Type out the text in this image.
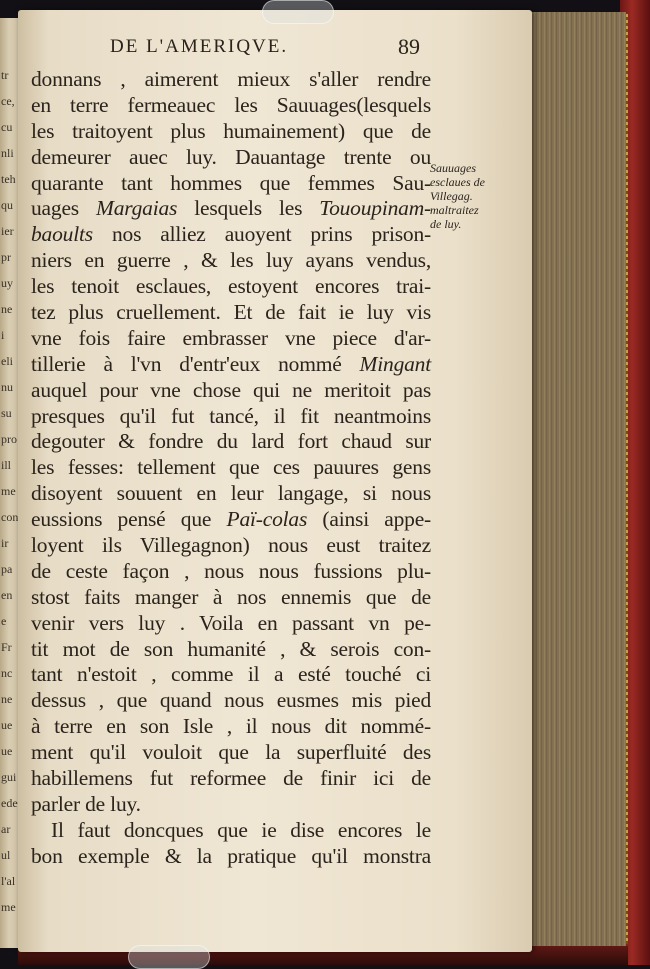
tr
ce,
cu
nli
teh
qu
ier
pr
uy
ne
i
eli
nu
su
pro
ill
me
con
ir
pa
en
e
Fr
nc
ne
ue
ue
gui
ede
ar
ul
l'al
me
DE L'AMERIQVE.	89
donnans , aimerent mieux s'aller rendre
en terre fermeauec les Sauuages(lesquels
les traitoyent plus humainement) que de
demeurer auec luy. Dauantage trente ou
quarante tant hommes que femmes Sau-
uages Margaias lesquels les Tououpinam-
baoults nos alliez auoyent prins prison-
niers en guerre , & les luy ayans vendus,
les tenoit esclaues, estoyent encores trai-
tez plus cruellement. Et de fait ie luy vis
vne fois faire embrasser vne piece d'ar-
tillerie à l'vn d'entr'eux nommé Mingant
auquel pour vne chose qui ne meritoit pas
presques qu'il fut tancé, il fit neantmoins
degouter & fondre du lard fort chaud sur
les fesses: tellement que ces pauures gens
disoyent souuent en leur langage, si nous
eussions pensé que Paï-colas (ainsi appe-
loyent ils Villegagnon) nous eust traitez
de ceste façon , nous nous fussions plu-
stost faits manger à nos ennemis que de
venir vers luy . Voila en passant vn pe-
tit mot de son humanité , & serois con-
tant n'estoit , comme il a esté touché ci
dessus , que quand nous eusmes mis pied
à terre en son Isle , il nous dit nommé-
ment qu'il vouloit que la superfluité des
habillemens fut reformee de finir ici de
parler de luy.
Il faut doncques que ie dise encores le
bon exemple & la pratique qu'il monstra
Sauuages
esclaues de
Villegag.
maltraitez
de luy.
